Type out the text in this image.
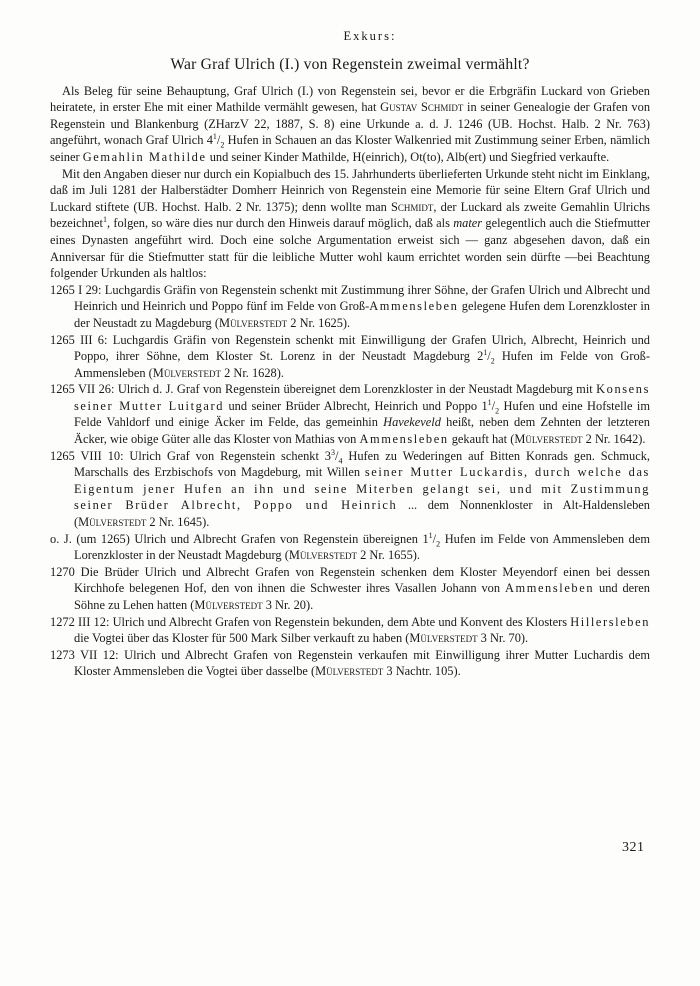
Exkurs:
War Graf Ulrich (I.) von Regenstein zweimal vermählt?

Als Beleg für seine Behauptung, Graf Ulrich (I.) von Regenstein sei, bevor er die Erbgräfin Luckard von Grieben heiratete, in erster Ehe mit einer Mathilde vermählt gewesen, hat Gustav Schmidt in seiner Genealogie der Grafen von Regenstein und Blankenburg (ZHarzV 22, 1887, S. 8) eine Urkunde a. d. J. 1246 (UB. Hochst. Halb. 2 Nr. 763) angeführt, wonach Graf Ulrich $4^1/_2$ Hufen in Schauen an das Kloster Walkenried mit Zustimmung seiner Erben, nämlich seiner Gemahlin Mathilde und seiner Kinder Mathilde, H(einrich), Ot(to), Alb(ert) und Siegfried verkaufte.

Mit den Angaben dieser nur durch ein Kopialbuch des 15. Jahrhunderts überlieferten Urkunde steht nicht im Einklang, daß im Juli 1281 der Halberstädter Domherr Heinrich von Regenstein eine Memorie für seine Eltern Graf Ulrich und Luckard stiftete (UB. Hochst. Halb. 2 Nr. 1375); denn wollte man Schmidt, der Luckard als zweite Gemahlin Ulrichs bezeichnet$^1$, folgen, so wäre dies nur durch den Hinweis darauf möglich, daß als mater gelegentlich auch die Stiefmutter eines Dynasten angeführt wird. Doch eine solche Argumentation erweist sich — ganz abgesehen davon, daß ein Anniversar für die Stiefmutter statt für die leibliche Mutter wohl kaum errichtet worden sein dürfte —bei Beachtung folgender Urkunden als haltlos:

1265 I 29: Luchgardis Gräfin von Regenstein schenkt mit Zustimmung ihrer Söhne, der Grafen Ulrich und Albrecht und Heinrich und Heinrich und Poppo fünf im Felde von Groß-Ammensleben gelegene Hufen dem Lorenzkloster in der Neustadt zu Magdeburg (Mülverstedt 2 Nr. 1625).

1265 III 6: Luchgardis Gräfin von Regenstein schenkt mit Einwilligung der Grafen Ulrich, Albrecht, Heinrich und Poppo, ihrer Söhne, dem Kloster St. Lorenz in der Neustadt Magdeburg $2^1/_2$ Hufen im Felde von Groß-Ammensleben (Mülverstedt 2 Nr. 1628).

1265 VII 26: Ulrich d. J. Graf von Regenstein übereignet dem Lorenzkloster in der Neustadt Magdeburg mit Konsens seiner Mutter Luitgard und seiner Brüder Albrecht, Heinrich und Poppo $1^1/_2$ Hufen und eine Hofstelle im Felde Vahldorf und einige Äcker im Felde, das gemeinhin Havekeveld heißt, neben dem Zehnten der letzteren Äcker, wie obige Güter alle das Kloster von Mathias von Ammensleben gekauft hat (Mülverstedt 2 Nr. 1642).

1265 VIII 10: Ulrich Graf von Regenstein schenkt $3^3/_4$ Hufen zu Wederingen auf Bitten Konrads gen. Schmuck, Marschalls des Erzbischofs von Magdeburg, mit Willen seiner Mutter Luckardis, durch welche das Eigentum jener Hufen an ihn und seine Miterben gelangt sei, und mit Zustimmung seiner Brüder Albrecht, Poppo und Heinrich ... dem Nonnenkloster in Alt-Haldensleben (Mülverstedt 2 Nr. 1645).

o. J. (um 1265) Ulrich und Albrecht Grafen von Regenstein übereignen $1^1/_2$ Hufen im Felde von Ammensleben dem Lorenzkloster in der Neustadt Magdeburg (Mülverstedt 2 Nr. 1655).

1270 Die Brüder Ulrich und Albrecht Grafen von Regenstein schenken dem Kloster Meyendorf einen bei dessen Kirchhofe belegenen Hof, den von ihnen die Schwester ihres Vasallen Johann von Ammensleben und deren Söhne zu Lehen hatten (Mülverstedt 3 Nr. 20).

1272 III 12: Ulrich und Albrecht Grafen von Regenstein bekunden, dem Abte und Konvent des Klosters Hillersleben die Vogtei über das Kloster für 500 Mark Silber verkauft zu haben (Mülverstedt 3 Nr. 70).

1273 VII 12: Ulrich und Albrecht Grafen von Regenstein verkaufen mit Einwilligung ihrer Mutter Luchardis dem Kloster Ammensleben die Vogtei über dasselbe (Mülverstedt 3 Nachtr. 105).

321
